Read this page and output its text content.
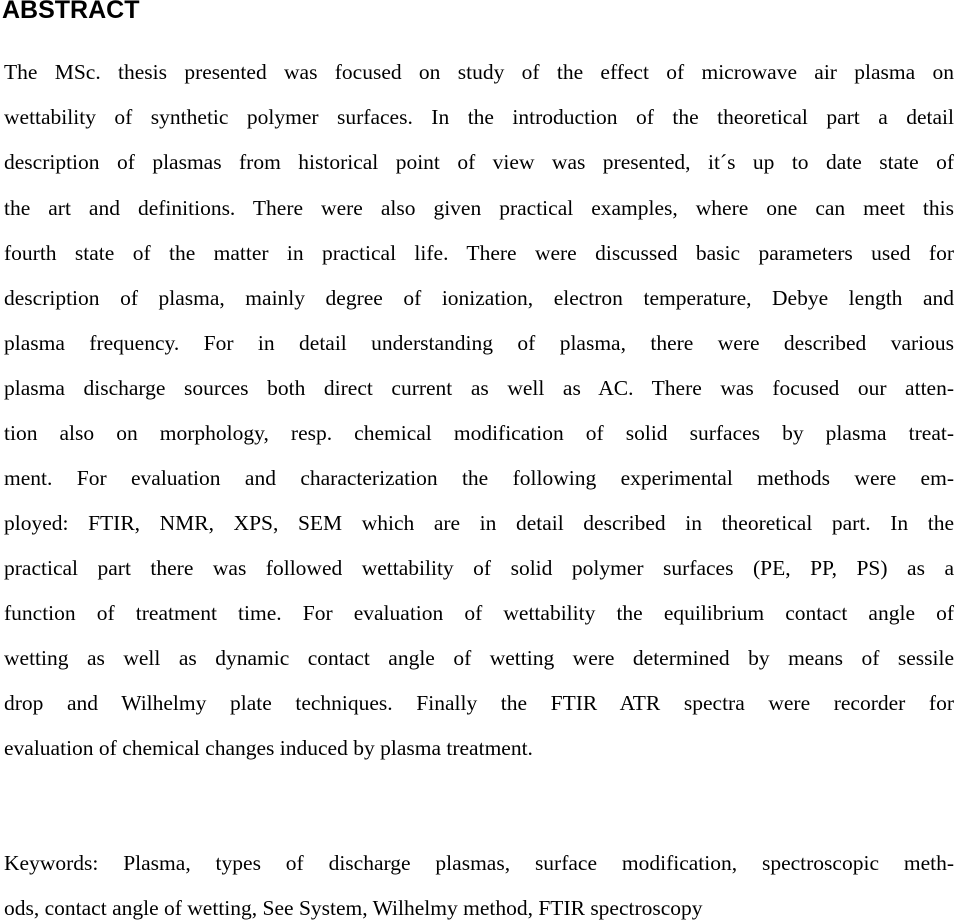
ABSTRACT

The MSc. thesis presented was focused on study of the effect of microwave air plasma on

wettability of synthetic polymer surfaces. In the introduction of the theoretical part a detail

description of plasmas from historical point of view was presented, it´s up to date state of

the art and definitions. There were also given practical examples, where one can meet this

fourth state of the matter in practical life. There were discussed basic parameters used for

description of plasma, mainly degree of ionization, electron temperature, Debye length and

plasma frequency. For in detail understanding of plasma, there were described various

plasma discharge sources both direct current as well as AC. There was focused our atten-

tion also on morphology, resp. chemical modification of solid surfaces by plasma treat-

ment. For evaluation and characterization the following experimental methods were em-

ployed: FTIR, NMR, XPS, SEM which are in detail described in theoretical part. In the

practical part there was followed wettability of solid polymer surfaces (PE, PP, PS) as a

function of treatment time. For evaluation of wettability the equilibrium contact angle of

wetting as well as dynamic contact angle of wetting were determined by means of sessile

drop and Wilhelmy plate techniques. Finally the FTIR ATR spectra were recorder for

evaluation of chemical changes induced by plasma treatment.

Keywords: Plasma, types of discharge plasmas, surface modification, spectroscopic meth-

ods, contact angle of wetting, See System, Wilhelmy method, FTIR spectroscopy
